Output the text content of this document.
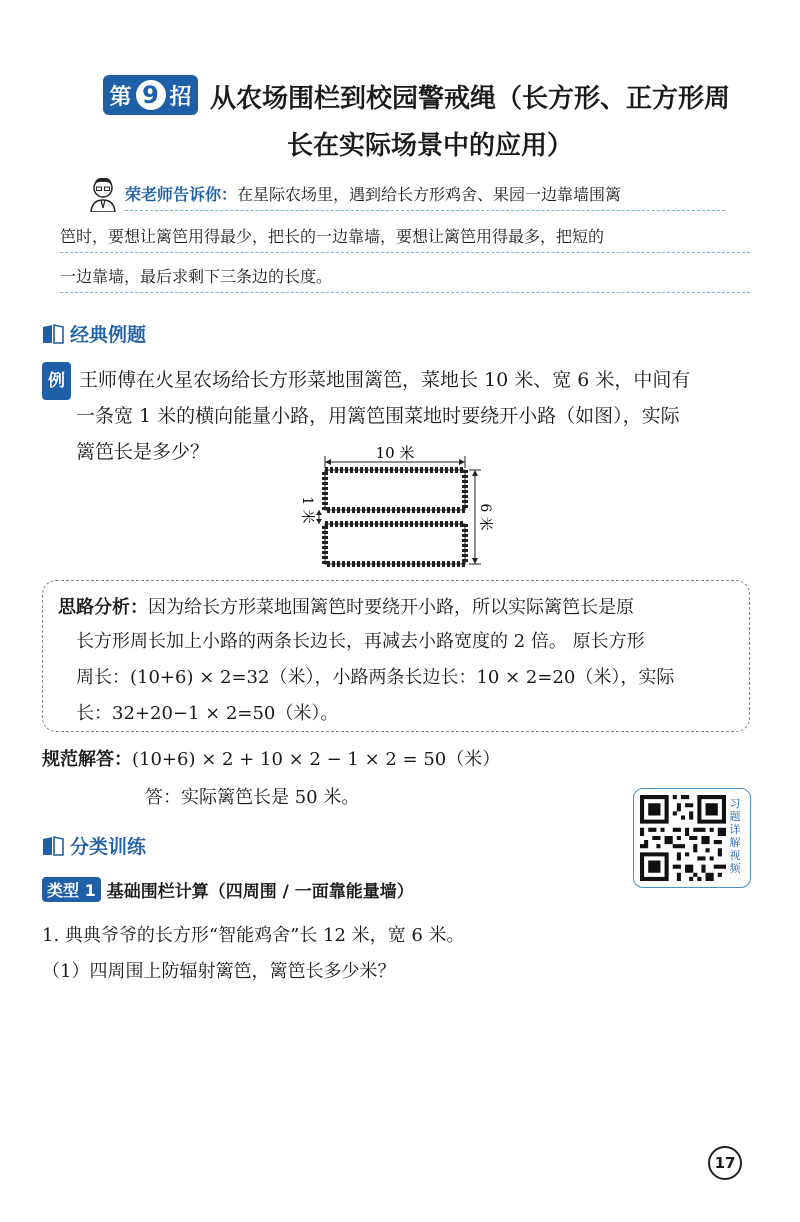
第 9 招 从农场围栏到校园警戒绳（长方形、正方形周
长在实际场景中的应用）
荣老师告诉你：在星际农场里，遇到给长方形鸡舍、果园一边靠墙围篱
笆时，要想让篱笆用得最少，把长的一边靠墙，要想让篱笆用得最多，把短的
一边靠墙，最后求剩下三条边的长度。
经典例题
例 王师傅在火星农场给长方形菜地围篱笆，菜地长 10 米、宽 6 米，中间有
一条宽 1 米的横向能量小路，用篱笆围菜地时要绕开小路（如图），实际
篱笆长是多少？	10 米
1 米	6 米
思路分析：因为给长方形菜地围篱笆时要绕开小路，所以实际篱笆长是原
长方形周长加上小路的两条长边长，再减去小路宽度的 2 倍。 原长方形
周长：(10+6) × 2=32（米），小路两条长边长：10 × 2=20（米），实际
长：32+20−1 × 2=50（米）。
规范解答：(10+6) × 2 + 10 × 2 − 1 × 2 = 50（米）
答：实际篱笆长是 50 米。	习题详解视频
分类训练
类型 1 基础围栏计算（四周围 / 一面靠能量墙）
1. 典典爷爷的长方形“智能鸡舍”长 12 米，宽 6 米。
（1）四周围上防辐射篱笆，篱笆长多少米？
17
